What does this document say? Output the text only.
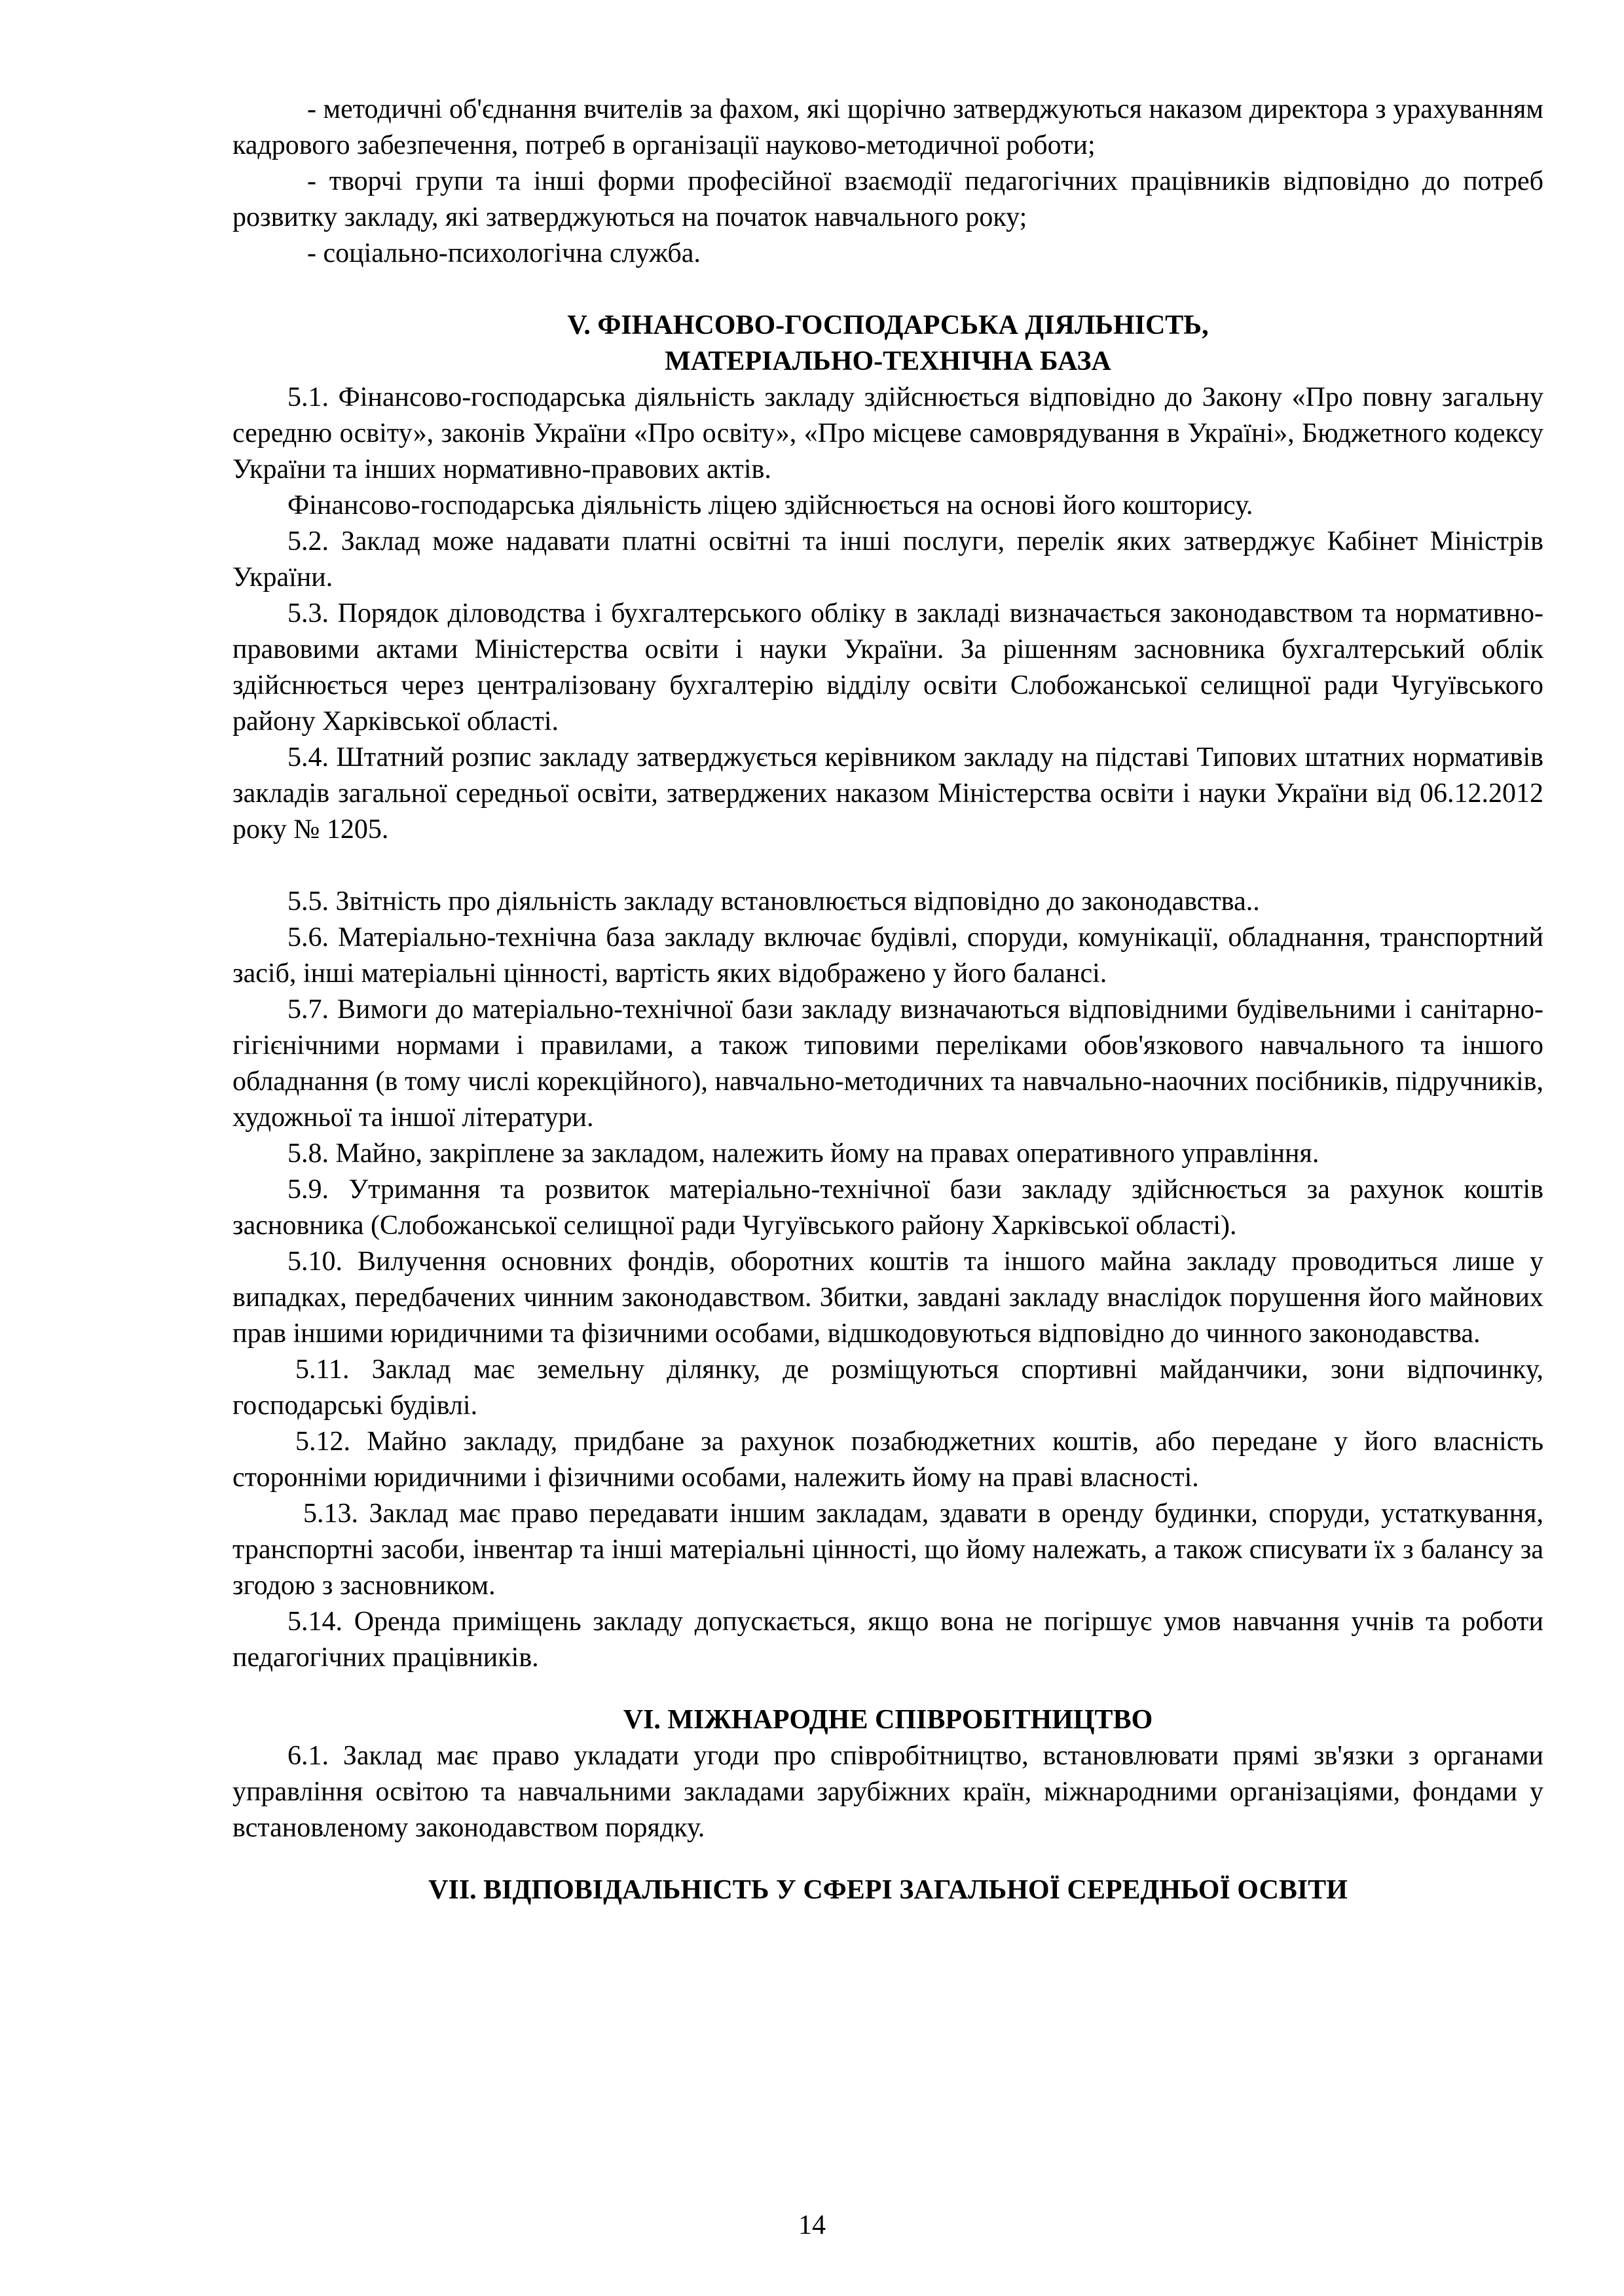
- методичні об'єднання вчителів за фахом, які щорічно затверджуються наказом директора з урахуванням кадрового забезпечення, потреб в організації науково-методичної роботи;

- творчі групи та інші форми професійної взаємодії педагогічних працівників відповідно до потреб розвитку закладу, які затверджуються на початок навчального року;

- соціально-психологічна служба.

V. ФІНАНСОВО-ГОСПОДАРСЬКА ДІЯЛЬНІСТЬ,

МАТЕРІАЛЬНО-ТЕХНІЧНА БАЗА

5.1. Фінансово-господарська діяльність закладу здійснюється відповідно до Закону «Про повну загальну середню освіту», законів України «Про освіту», «Про місцеве самоврядування в Україні», Бюджетного кодексу України та інших нормативно-правових актів.

Фінансово-господарська діяльність ліцею здійснюється на основі його кошторису.

5.2. Заклад може надавати платні освітні та інші послуги, перелік яких затверджує Кабінет Міністрів України.

5.3. Порядок діловодства і бухгалтерського обліку в закладі визначається законодавством та нормативно-правовими актами Міністерства освіти і науки України. За рішенням засновника бухгалтерський облік здійснюється через централізовану бухгалтерію відділу освіти Слобожанської селищної ради Чугуївського району Харківської області.

5.4. Штатний розпис закладу затверджується керівником закладу на підставі Типових штатних нормативів закладів загальної середньої освіти, затверджених наказом Міністерства освіти і науки України від 06.12.2012 року № 1205.

5.5. Звітність про діяльність закладу встановлюється відповідно до законодавства..

5.6. Матеріально-технічна база закладу включає будівлі, споруди, комунікації, обладнання, транспортний засіб, інші матеріальні цінності, вартість яких відображено у його балансі.

5.7. Вимоги до матеріально-технічної бази закладу визначаються відповідними будівельними і санітарно-гігієнічними нормами і правилами, а також типовими переліками обов'язкового навчального та іншого обладнання (в тому числі корекційного), навчально-методичних та навчально-наочних посібників, підручників, художньої та іншої літератури.

5.8. Майно, закріплене за закладом, належить йому на правах оперативного управління.

5.9. Утримання та розвиток матеріально-технічної бази закладу здійснюється за рахунок коштів засновника (Слобожанської селищної ради Чугуївського району Харківської області).

5.10. Вилучення основних фондів, оборотних коштів та іншого майна закладу проводиться лише у випадках, передбачених чинним законодавством. Збитки, завдані закладу внаслідок порушення його майнових прав іншими юридичними та фізичними особами, відшкодовуються відповідно до чинного законодавства.

5.11. Заклад має земельну ділянку, де розміщуються спортивні майданчики, зони відпочинку, господарські будівлі.

5.12. Майно закладу, придбане за рахунок позабюджетних коштів, або передане у його власність сторонніми юридичними і фізичними особами, належить йому на праві власності.

5.13. Заклад має право передавати іншим закладам, здавати в оренду будинки, споруди, устаткування, транспортні засоби, інвентар та інші матеріальні цінності, що йому належать, а також списувати їх з балансу за згодою з засновником.

5.14. Оренда приміщень закладу допускається, якщо вона не погіршує умов навчання учнів та роботи педагогічних працівників.

VI. МІЖНАРОДНЕ СПІВРОБІТНИЦТВО

6.1. Заклад має право укладати угоди про співробітництво, встановлювати прямі зв'язки з органами управління освітою та навчальними закладами зарубіжних країн, міжнародними організаціями, фондами у встановленому законодавством порядку.

VII. ВІДПОВІДАЛЬНІСТЬ У СФЕРІ ЗАГАЛЬНОЇ СЕРЕДНЬОЇ ОСВІТИ

14
